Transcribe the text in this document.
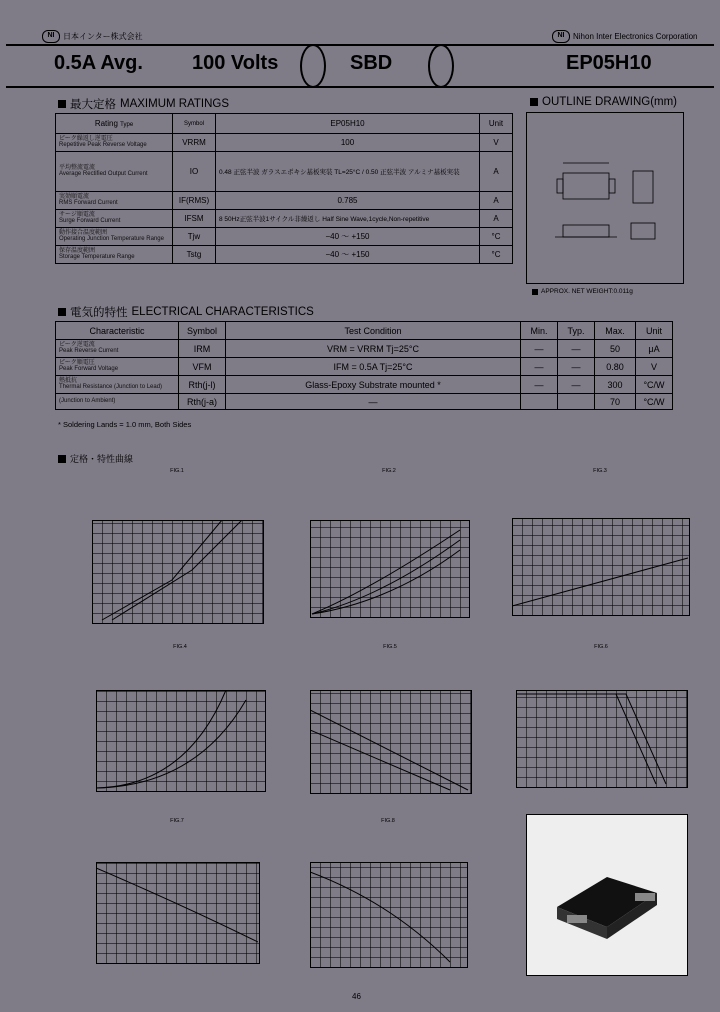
NI	日本インター株式会社	NI	Nihon Inter Electronics Corporation
0.5A Avg. 100 Volts	SBD	EP05H10
最大定格 MAXIMUM RATINGS
Rating Type	Symbol	EP05H10	Unit

ピーク繰返し逆電圧
Repetitive Peak Reverse Voltage	VRRM	100	V

平均整流電流
Average Rectified Output Current	IO	0.48 正弦半波 ガラスエポキシ基板実装 TL=25°C / 0.50 正弦半波 アルミナ基板実装	A

実効順電流
RMS Forward Current	IF(RMS)	0.785	A

サージ順電流
Surge Forward Current	IFSM	8 50Hz正弦半波1サイクル非繰返し Half Sine Wave,1cycle,Non-repetitive	A

動作接合温度範囲
Operating Junction Temperature Range	Tjw	−40 ～ +150	°C

保存温度範囲
Storage Temperature Range	Tstg	−40 ～ +150	°C
OUTLINE DRAWING(mm)
APPROX. NET WEIGHT:0.011g
電気的特性 ELECTRICAL CHARACTERISTICS
Characteristic	Symbol	Test Condition	Min.	Typ.	Max.	Unit

ピーク逆電流
Peak Reverse Current	IRM	VRM = VRRM Tj=25°C	—	—	50	μA

ピーク順電圧
Peak Forward Voltage	VFM	IFM = 0.5A Tj=25°C	—	—	0.80	V

熱抵抗
Thermal Resistance (Junction to Lead)	Rth(j-l)	Glass-Epoxy Substrate mounted *	—	—	300	°C/W

(Junction to Ambient)	Rth(j-a)	—			70	°C/W
* Soldering Lands = 1.0 mm, Both Sides
定格・特性曲線
FIG.1	FIG.2	FIG.3
FIG.4	FIG.5	FIG.6
FIG.7	FIG.8
46
